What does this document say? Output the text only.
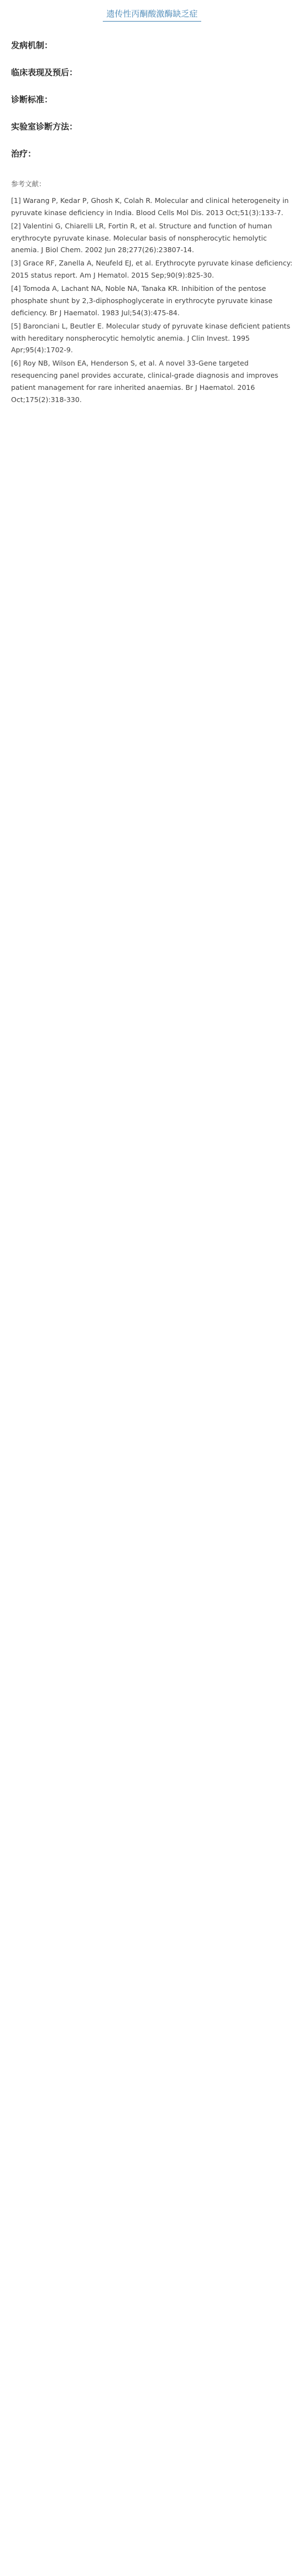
遗传性丙酮酸激酶缺乏症
发病机制：
临床表现及预后：
诊断标准：
实验室诊断方法：
治疗：
参考文献：
[1] Warang P, Kedar P, Ghosh K, Colah R. Molecular and clinical heterogeneity in pyruvate kinase deficiency in India. Blood Cells Mol Dis. 2013 Oct;51(3):133-7.
[2] Valentini G, Chiarelli LR, Fortin R, et al. Structure and function of human erythrocyte pyruvate kinase. Molecular basis of nonspherocytic hemolytic anemia. J Biol Chem. 2002 Jun 28;277(26):23807-14.
[3] Grace RF, Zanella A, Neufeld EJ, et al. Erythrocyte pyruvate kinase deficiency: 2015 status report. Am J Hematol. 2015 Sep;90(9):825-30.
[4] Tomoda A, Lachant NA, Noble NA, Tanaka KR. Inhibition of the pentose phosphate shunt by 2,3-diphosphoglycerate in erythrocyte pyruvate kinase deficiency. Br J Haematol. 1983 Jul;54(3):475-84.
[5] Baronciani L, Beutler E. Molecular study of pyruvate kinase deficient patients with hereditary nonspherocytic hemolytic anemia. J Clin Invest. 1995 Apr;95(4):1702-9.
[6] Roy NB, Wilson EA, Henderson S, et al. A novel 33-Gene targeted resequencing panel provides accurate, clinical-grade diagnosis and improves patient management for rare inherited anaemias. Br J Haematol. 2016 Oct;175(2):318-330.
